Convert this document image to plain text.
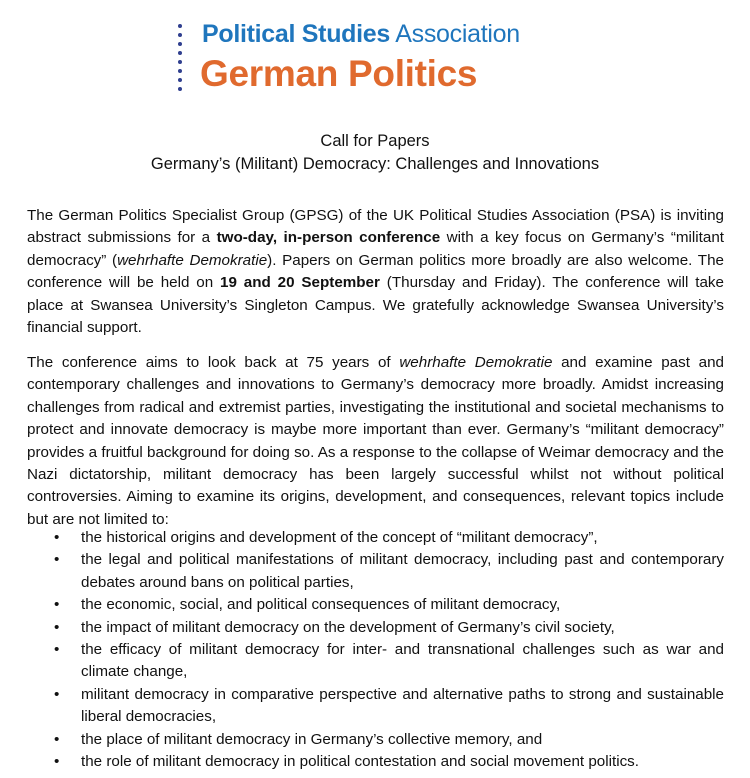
Political Studies Association
German Politics
Call for Papers
Germany’s (Militant) Democracy: Challenges and Innovations

The German Politics Specialist Group (GPSG) of the UK Political Studies Association (PSA) is inviting abstract submissions for a two-day, in-person conference with a key focus on Germany’s “militant democracy” (wehrhafte Demokratie). Papers on German politics more broadly are also welcome. The conference will be held on 19 and 20 September (Thursday and Friday). The conference will take place at Swansea University’s Singleton Campus. We gratefully acknowledge Swansea University’s financial support.

The conference aims to look back at 75 years of wehrhafte Demokratie and examine past and contemporary challenges and innovations to Germany’s democracy more broadly. Amidst increasing challenges from radical and extremist parties, investigating the institutional and societal mechanisms to protect and innovate democracy is maybe more important than ever. Germany’s “militant democracy” provides a fruitful background for doing so. As a response to the collapse of Weimar democracy and the Nazi dictatorship, militant democracy has been largely successful whilst not without political controversies. Aiming to examine its origins, development, and consequences, relevant topics include but are not limited to:

• the historical origins and development of the concept of “militant democracy”,
• the legal and political manifestations of militant democracy, including past and contemporary debates around bans on political parties,
• the economic, social, and political consequences of militant democracy,
• the impact of militant democracy on the development of Germany’s civil society,
• the efficacy of militant democracy for inter- and transnational challenges such as war and climate change,
• militant democracy in comparative perspective and alternative paths to strong and sustainable liberal democracies,
• the place of militant democracy in Germany’s collective memory, and
• the role of militant democracy in political contestation and social movement politics.
